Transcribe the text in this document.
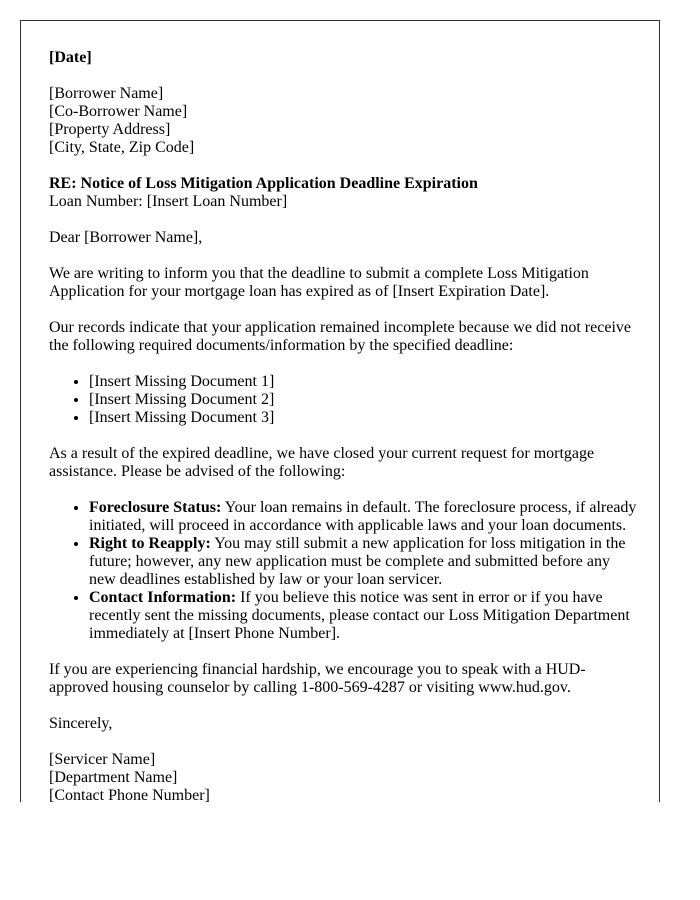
[Date]

[Borrower Name]
[Co-Borrower Name]
[Property Address]
[City, State, Zip Code]

RE: Notice of Loss Mitigation Application Deadline Expiration
Loan Number: [Insert Loan Number]

Dear [Borrower Name],

We are writing to inform you that the deadline to submit a complete Loss Mitigation Application for your mortgage loan has expired as of [Insert Expiration Date].

Our records indicate that your application remained incomplete because we did not receive the following required documents/information by the specified deadline:

• [Insert Missing Document 1]
• [Insert Missing Document 2]
• [Insert Missing Document 3]

As a result of the expired deadline, we have closed your current request for mortgage assistance. Please be advised of the following:

• Foreclosure Status: Your loan remains in default. The foreclosure process, if already initiated, will proceed in accordance with applicable laws and your loan documents.
• Right to Reapply: You may still submit a new application for loss mitigation in the future; however, any new application must be complete and submitted before any new deadlines established by law or your loan servicer.
• Contact Information: If you believe this notice was sent in error or if you have recently sent the missing documents, please contact our Loss Mitigation Department immediately at [Insert Phone Number].

If you are experiencing financial hardship, we encourage you to speak with a HUD-approved housing counselor by calling 1-800-569-4287 or visiting www.hud.gov.

Sincerely,

[Servicer Name]
[Department Name]
[Contact Phone Number]
